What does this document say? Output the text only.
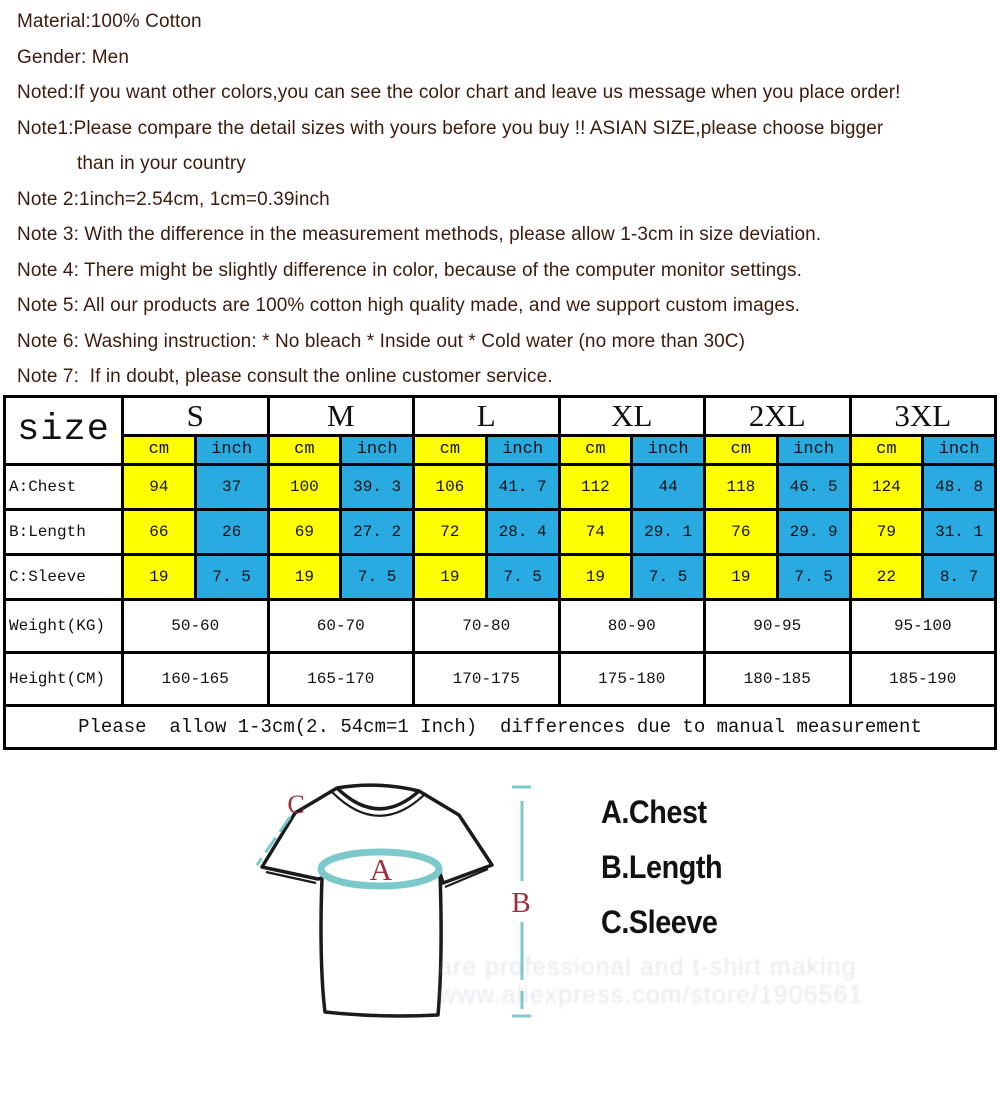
Material:100% Cotton
Gender: Men
Noted:If you want other colors,you can see the color chart and leave us message when you place order!
Note1:Please compare the detail sizes with yours before you buy !! ASIAN SIZE,please choose bigger
than in your country
Note 2:1inch=2.54cm, 1cm=0.39inch
Note 3: With the difference in the measurement methods, please allow 1-3cm in size deviation.
Note 4: There might be slightly difference in color, because of the computer monitor settings.
Note 5: All our products are 100% cotton high quality made, and we support custom images.
Note 6: Washing instruction: * No bleach * Inside out * Cold water (no more than 30C)
Note 7:  If in doubt, please consult the online customer service.
size	S		M		L		XL		2XL		3XL	
	cm	inch	cm	inch	cm	inch	cm	inch	cm	inch	cm	inch
A:Chest	94	37	100	39. 3	106	41. 7	112	44	118	46. 5	124	48. 8
B:Length	66	26	69	27. 2	72	28. 4	74	29. 1	76	29. 9	79	31. 1
C:Sleeve	19	7. 5	19	7. 5	19	7. 5	19	7. 5	19	7. 5	22	8. 7
Weight(KG)	50-60		60-70		70-80		80-90		90-95		95-100	
Height(CM)	160-165		165-170		170-175		175-180		180-185		185-190	
Please  allow 1-3cm(2. 54cm=1 Inch)  differences due to manual measurement												
C
A
B
are professional and t-shirt making
www.aliexpress.com/store/1906561
A.Chest
B.Length
C.Sleeve
